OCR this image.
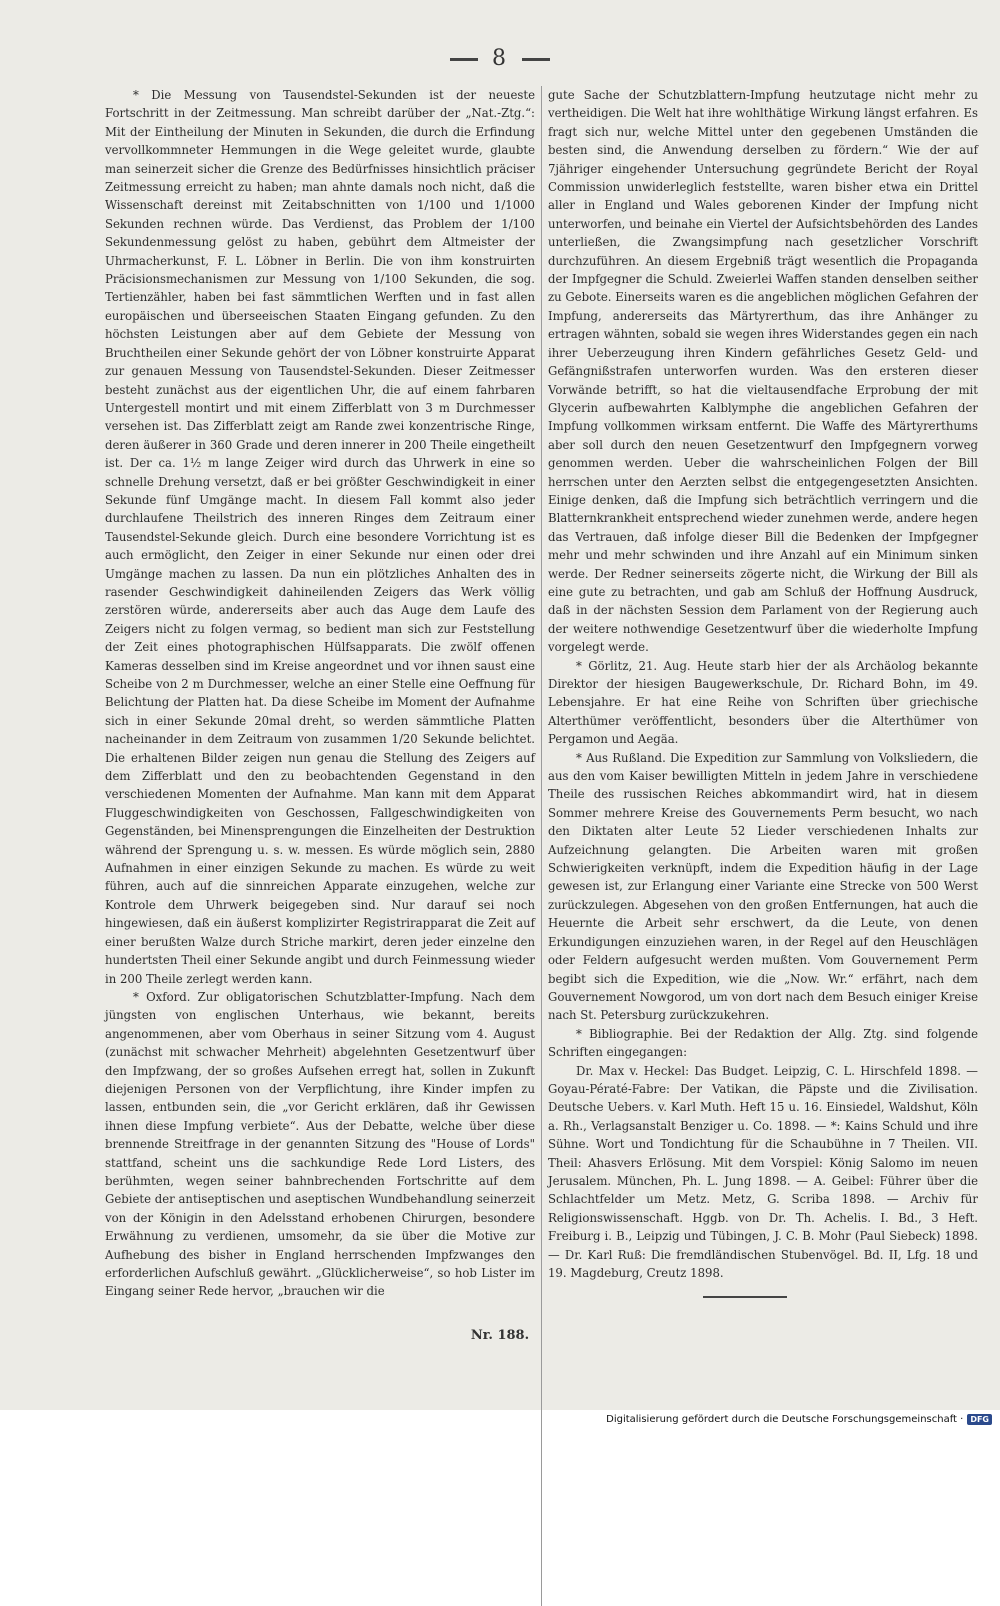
8

* Die Messung von Tausendstel-Sekunden ist der neueste Fortschritt in der Zeitmessung. Man schreibt darüber der „Nat.-Ztg.“: Mit der Eintheilung der Minuten in Sekunden, die durch die Erfindung vervollkommneter Hemmungen in die Wege geleitet wurde, glaubte man seinerzeit sicher die Grenze des Bedürfnisses hinsichtlich präciser Zeitmessung erreicht zu haben; man ahnte damals noch nicht, daß die Wissenschaft dereinst mit Zeitabschnitten von 1/100 und 1/1000 Sekunden rechnen würde. Das Verdienst, das Problem der 1/100 Sekundenmessung gelöst zu haben, gebührt dem Altmeister der Uhrmacherkunst, F. L. Löbner in Berlin. Die von ihm konstruirten Präcisionsmechanismen zur Messung von 1/100 Sekunden, die sog. Tertienzähler, haben bei fast sämmtlichen Werften und in fast allen europäischen und überseeischen Staaten Eingang gefunden. Zu den höchsten Leistungen aber auf dem Gebiete der Messung von Bruchtheilen einer Sekunde gehört der von Löbner konstruirte Apparat zur genauen Messung von Tausendstel-Sekunden. Dieser Zeitmesser besteht zunächst aus der eigentlichen Uhr, die auf einem fahrbaren Untergestell montirt und mit einem Zifferblatt von 3 m Durchmesser versehen ist. Das Zifferblatt zeigt am Rande zwei konzentrische Ringe, deren äußerer in 360 Grade und deren innerer in 200 Theile eingetheilt ist. Der ca. 1½ m lange Zeiger wird durch das Uhrwerk in eine so schnelle Drehung versetzt, daß er bei größter Geschwindigkeit in einer Sekunde fünf Umgänge macht. In diesem Fall kommt also jeder durchlaufene Theilstrich des inneren Ringes dem Zeitraum einer Tausendstel-Sekunde gleich. Durch eine besondere Vorrichtung ist es auch ermöglicht, den Zeiger in einer Sekunde nur einen oder drei Umgänge machen zu lassen. Da nun ein plötzliches Anhalten des in rasender Geschwindigkeit dahineilenden Zeigers das Werk völlig zerstören würde, andererseits aber auch das Auge dem Laufe des Zeigers nicht zu folgen vermag, so bedient man sich zur Feststellung der Zeit eines photographischen Hülfsapparats. Die zwölf offenen Kameras desselben sind im Kreise angeordnet und vor ihnen saust eine Scheibe von 2 m Durchmesser, welche an einer Stelle eine Oeffnung für Belichtung der Platten hat. Da diese Scheibe im Moment der Aufnahme sich in einer Sekunde 20mal dreht, so werden sämmtliche Platten nacheinander in dem Zeitraum von zusammen 1/20 Sekunde belichtet. Die erhaltenen Bilder zeigen nun genau die Stellung des Zeigers auf dem Zifferblatt und den zu beobachtenden Gegenstand in den verschiedenen Momenten der Aufnahme. Man kann mit dem Apparat Fluggeschwindigkeiten von Geschossen, Fallgeschwindigkeiten von Gegenständen, bei Minensprengungen die Einzelheiten der Destruktion während der Sprengung u. s. w. messen. Es würde möglich sein, 2880 Aufnahmen in einer einzigen Sekunde zu machen. Es würde zu weit führen, auch auf die sinnreichen Apparate einzugehen, welche zur Kontrole dem Uhrwerk beigegeben sind. Nur darauf sei noch hingewiesen, daß ein äußerst komplizirter Registrirapparat die Zeit auf einer berußten Walze durch Striche markirt, deren jeder einzelne den hundertsten Theil einer Sekunde angibt und durch Feinmessung wieder in 200 Theile zerlegt werden kann.

* Oxford. Zur obligatorischen Schutzblatter-Impfung. Nach dem jüngsten von englischen Unterhaus, wie bekannt, bereits angenommenen, aber vom Oberhaus in seiner Sitzung vom 4. August (zunächst mit schwacher Mehrheit) abgelehnten Gesetzentwurf über den Impfzwang, der so großes Aufsehen erregt hat, sollen in Zukunft diejenigen Personen von der Verpflichtung, ihre Kinder impfen zu lassen, entbunden sein, die „vor Gericht erklären, daß ihr Gewissen ihnen diese Impfung verbiete“. Aus der Debatte, welche über diese brennende Streitfrage in der genannten Sitzung des "House of Lords" stattfand, scheint uns die sachkundige Rede Lord Listers, des berühmten, wegen seiner bahnbrechenden Fortschritte auf dem Gebiete der antiseptischen und aseptischen Wundbehandlung seinerzeit von der Königin in den Adelsstand erhobenen Chirurgen, besondere Erwähnung zu verdienen, umsomehr, da sie über die Motive zur Aufhebung des bisher in England herrschenden Impfzwanges den erforderlichen Aufschluß gewährt. „Glücklicherweise“, so hob Lister im Eingang seiner Rede hervor, „brauchen wir die

gute Sache der Schutzblattern-Impfung heutzutage nicht mehr zu vertheidigen. Die Welt hat ihre wohlthätige Wirkung längst erfahren. Es fragt sich nur, welche Mittel unter den gegebenen Umständen die besten sind, die Anwendung derselben zu fördern.“ Wie der auf 7jähriger eingehender Untersuchung gegründete Bericht der Royal Commission unwiderleglich feststellte, waren bisher etwa ein Drittel aller in England und Wales geborenen Kinder der Impfung nicht unterworfen, und beinahe ein Viertel der Aufsichtsbehörden des Landes unterließen, die Zwangsimpfung nach gesetzlicher Vorschrift durchzuführen. An diesem Ergebniß trägt wesentlich die Propaganda der Impfgegner die Schuld. Zweierlei Waffen standen denselben seither zu Gebote. Einerseits waren es die angeblichen möglichen Gefahren der Impfung, andererseits das Märtyrerthum, das ihre Anhänger zu ertragen wähnten, sobald sie wegen ihres Widerstandes gegen ein nach ihrer Ueberzeugung ihren Kindern gefährliches Gesetz Geld- und Gefängnißstrafen unterworfen wurden. Was den ersteren dieser Vorwände betrifft, so hat die vieltausendfache Erprobung der mit Glycerin aufbewahrten Kalblymphe die angeblichen Gefahren der Impfung vollkommen wirksam entfernt. Die Waffe des Märtyrerthums aber soll durch den neuen Gesetzentwurf den Impfgegnern vorweg genommen werden. Ueber die wahrscheinlichen Folgen der Bill herrschen unter den Aerzten selbst die entgegengesetzten Ansichten. Einige denken, daß die Impfung sich beträchtlich verringern und die Blatternkrankheit entsprechend wieder zunehmen werde, andere hegen das Vertrauen, daß infolge dieser Bill die Bedenken der Impfgegner mehr und mehr schwinden und ihre Anzahl auf ein Minimum sinken werde. Der Redner seinerseits zögerte nicht, die Wirkung der Bill als eine gute zu betrachten, und gab am Schluß der Hoffnung Ausdruck, daß in der nächsten Session dem Parlament von der Regierung auch der weitere nothwendige Gesetzentwurf über die wiederholte Impfung vorgelegt werde.

* Görlitz, 21. Aug. Heute starb hier der als Archäolog bekannte Direktor der hiesigen Baugewerkschule, Dr. Richard Bohn, im 49. Lebensjahre. Er hat eine Reihe von Schriften über griechische Alterthümer veröffentlicht, besonders über die Alterthümer von Pergamon und Aegäa.

* Aus Rußland. Die Expedition zur Sammlung von Volksliedern, die aus den vom Kaiser bewilligten Mitteln in jedem Jahre in verschiedene Theile des russischen Reiches abkommandirt wird, hat in diesem Sommer mehrere Kreise des Gouvernements Perm besucht, wo nach den Diktaten alter Leute 52 Lieder verschiedenen Inhalts zur Aufzeichnung gelangten. Die Arbeiten waren mit großen Schwierigkeiten verknüpft, indem die Expedition häufig in der Lage gewesen ist, zur Erlangung einer Variante eine Strecke von 500 Werst zurückzulegen. Abgesehen von den großen Entfernungen, hat auch die Heuernte die Arbeit sehr erschwert, da die Leute, von denen Erkundigungen einzuziehen waren, in der Regel auf den Heuschlägen oder Feldern aufgesucht werden mußten. Vom Gouvernement Perm begibt sich die Expedition, wie die „Now. Wr.“ erfährt, nach dem Gouvernement Nowgorod, um von dort nach dem Besuch einiger Kreise nach St. Petersburg zurückzukehren.

* Bibliographie. Bei der Redaktion der Allg. Ztg. sind folgende Schriften eingegangen:

Dr. Max v. Heckel: Das Budget. Leipzig, C. L. Hirschfeld 1898. — Goyau-Pératé-Fabre: Der Vatikan, die Päpste und die Zivilisation. Deutsche Uebers. v. Karl Muth. Heft 15 u. 16. Einsiedel, Waldshut, Köln a. Rh., Verlagsanstalt Benziger u. Co. 1898. — *: Kains Schuld und ihre Sühne. Wort und Tondichtung für die Schaubühne in 7 Theilen. VII. Theil: Ahasvers Erlösung. Mit dem Vorspiel: König Salomo im neuen Jerusalem. München, Ph. L. Jung 1898. — A. Geibel: Führer über die Schlachtfelder um Metz. Metz, G. Scriba 1898. — Archiv für Religionswissenschaft. Hggb. von Dr. Th. Achelis. I. Bd., 3 Heft. Freiburg i. B., Leipzig und Tübingen, J. C. B. Mohr (Paul Siebeck) 1898. — Dr. Karl Ruß: Die fremdländischen Stubenvögel. Bd. II, Lfg. 18 und 19. Magdeburg, Creutz 1898.

Nr. 188.
Digitalisierung gefördert durch die Deutsche Forschungsgemeinschaft · DFG
